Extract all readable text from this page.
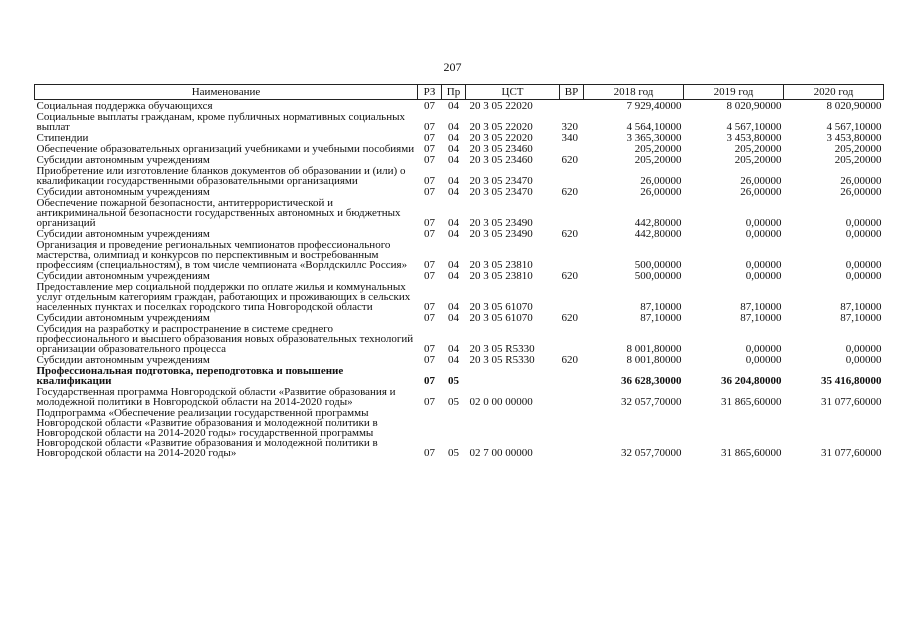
207
Наименование	РЗ	Пр	ЦСТ	ВР	2018 год	2019 год	2020 год
Социальная поддержка обучающихся	07	04	20 3 05 22020		7 929,40000	8 020,90000	8 020,90000
Социальные выплаты гражданам, кроме публичных нормативных социальных выплат	07	04	20 3 05 22020	320	4 564,10000	4 567,10000	4 567,10000
Стипендии	07	04	20 3 05 22020	340	3 365,30000	3 453,80000	3 453,80000
Обеспечение образовательных организаций учебниками и учебными пособиями	07	04	20 3 05 23460		205,20000	205,20000	205,20000
Субсидии автономным учреждениям	07	04	20 3 05 23460	620	205,20000	205,20000	205,20000
Приобретение или изготовление бланков документов об образовании и (или) о квалификации государственными образовательными организациями	07	04	20 3 05 23470		26,00000	26,00000	26,00000
Субсидии автономным учреждениям	07	04	20 3 05 23470	620	26,00000	26,00000	26,00000
Обеспечение пожарной безопасности, антитеррористической и антикриминальной безопасности государственных автономных и бюджетных организаций	07	04	20 3 05 23490		442,80000	0,00000	0,00000
Субсидии автономным учреждениям	07	04	20 3 05 23490	620	442,80000	0,00000	0,00000
Организация и проведение региональных чемпионатов профессионального мастерства, олимпиад и конкурсов по перспективным и востребованным профессиям (специальностям), в том числе чемпионата «Ворлдскиллс Россия»	07	04	20 3 05 23810		500,00000	0,00000	0,00000
Субсидии автономным учреждениям	07	04	20 3 05 23810	620	500,00000	0,00000	0,00000
Предоставление мер социальной поддержки по оплате жилья и коммунальных услуг отдельным категориям граждан, работающих и проживающих в сельских населенных пунктах и поселках городского типа Новгородской области	07	04	20 3 05 61070		87,10000	87,10000	87,10000
Субсидии автономным учреждениям	07	04	20 3 05 61070	620	87,10000	87,10000	87,10000
Субсидия на разработку и распространение в системе среднего профессионального и высшего образования новых образовательных технологий организации образовательного процесса	07	04	20 3 05 R5330		8 001,80000	0,00000	0,00000
Субсидии автономным учреждениям	07	04	20 3 05 R5330	620	8 001,80000	0,00000	0,00000
Профессиональная подготовка, переподготовка и повышение квалификации	07	05			36 628,30000	36 204,80000	35 416,80000
Государственная программа Новгородской области «Развитие образования и молодежной политики в Новгородской области на 2014-2020 годы»	07	05	02 0 00 00000		32 057,70000	31 865,60000	31 077,60000
Подпрограмма «Обеспечение реализации государственной программы Новгородской области «Развитие образования и молодежной политики в Новгородской области на 2014-2020 годы» государственной программы Новгородской области «Развитие образования и молодежной политики в Новгородской области на 2014-2020 годы»	07	05	02 7 00 00000		32 057,70000	31 865,60000	31 077,60000
